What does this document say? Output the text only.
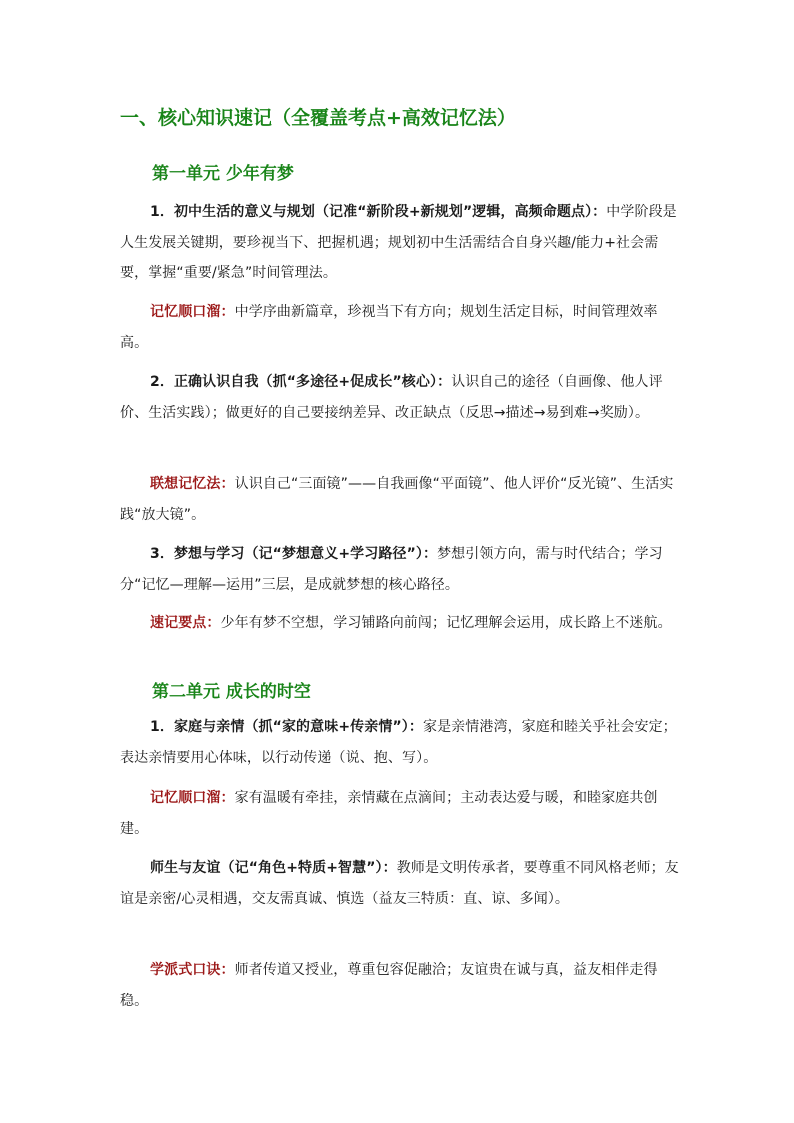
一、核心知识速记（全覆盖考点+高效记忆法）
第一单元 少年有梦
1．初中生活的意义与规划（记准“新阶段+新规划”逻辑，高频命题点）：中学阶段是人生发展关键期，要珍视当下、把握机遇；规划初中生活需结合自身兴趣/能力+社会需要，掌握“重要/紧急”时间管理法。
记忆顺口溜：中学序曲新篇章，珍视当下有方向；规划生活定目标，时间管理效率高。
2．正确认识自我（抓“多途径+促成长”核心）：认识自己的途径（自画像、他人评价、生活实践）；做更好的自己要接纳差异、改正缺点（反思→描述→易到难→奖励）。
联想记忆法：认识自己“三面镜”——自我画像“平面镜”、他人评价“反光镜”、生活实践“放大镜”。
3．梦想与学习（记“梦想意义+学习路径”）：梦想引领方向，需与时代结合；学习分“记忆—理解—运用”三层，是成就梦想的核心路径。
速记要点：少年有梦不空想，学习铺路向前闯；记忆理解会运用，成长路上不迷航。
第二单元 成长的时空
1．家庭与亲情（抓“家的意味+传亲情”）：家是亲情港湾，家庭和睦关乎社会安定；表达亲情要用心体味，以行动传递（说、抱、写）。
记忆顺口溜：家有温暖有牵挂，亲情藏在点滴间；主动表达爱与暖，和睦家庭共创建。
师生与友谊（记“角色+特质+智慧”）：教师是文明传承者，要尊重不同风格老师；友谊是亲密/心灵相遇，交友需真诚、慎选（益友三特质：直、谅、多闻）。
学派式口诀：师者传道又授业，尊重包容促融洽；友谊贵在诚与真，益友相伴走得稳。
